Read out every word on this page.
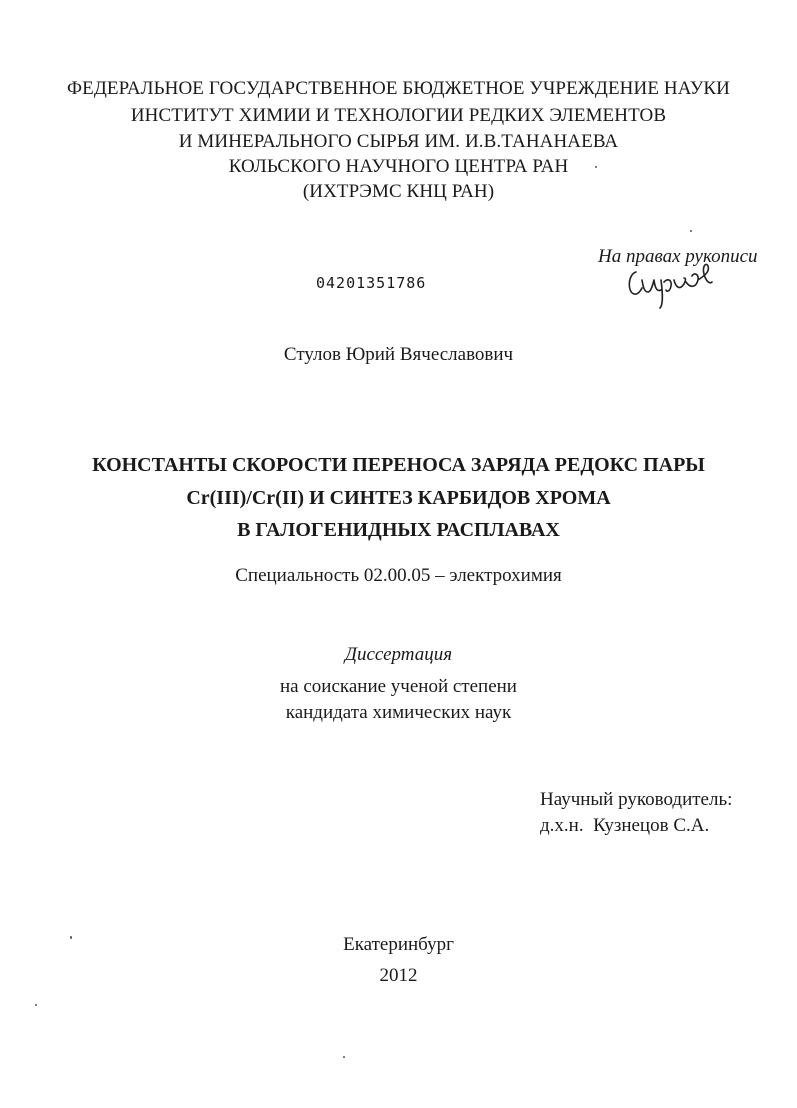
ФЕДЕРАЛЬНОЕ ГОСУДАРСТВЕННОЕ БЮДЖЕТНОЕ УЧРЕЖДЕНИЕ НАУКИ

ИНСТИТУТ ХИМИИ И ТЕХНОЛОГИИ РЕДКИХ ЭЛЕМЕНТОВ

И МИНЕРАЛЬНОГО СЫРЬЯ ИМ. И.В.ТАНАНАЕВА

КОЛЬСКОГО НАУЧНОГО ЦЕНТРА РАН

(ИХТРЭМС КНЦ РАН)

На правах рукописи

04201351786

Стулов Юрий Вячеславович

КОНСТАНТЫ СКОРОСТИ ПЕРЕНОСА ЗАРЯДА РЕДОКС ПАРЫ

Cr(III)/Cr(II) И СИНТЕЗ КАРБИДОВ ХРОМА

В ГАЛОГЕНИДНЫХ РАСПЛАВАХ

Специальность 02.00.05 – электрохимия

Диссертация

на соискание ученой степени

кандидата химических наук

Научный руководитель:

д.х.н.  Кузнецов С.А.

Екатеринбург

2012
